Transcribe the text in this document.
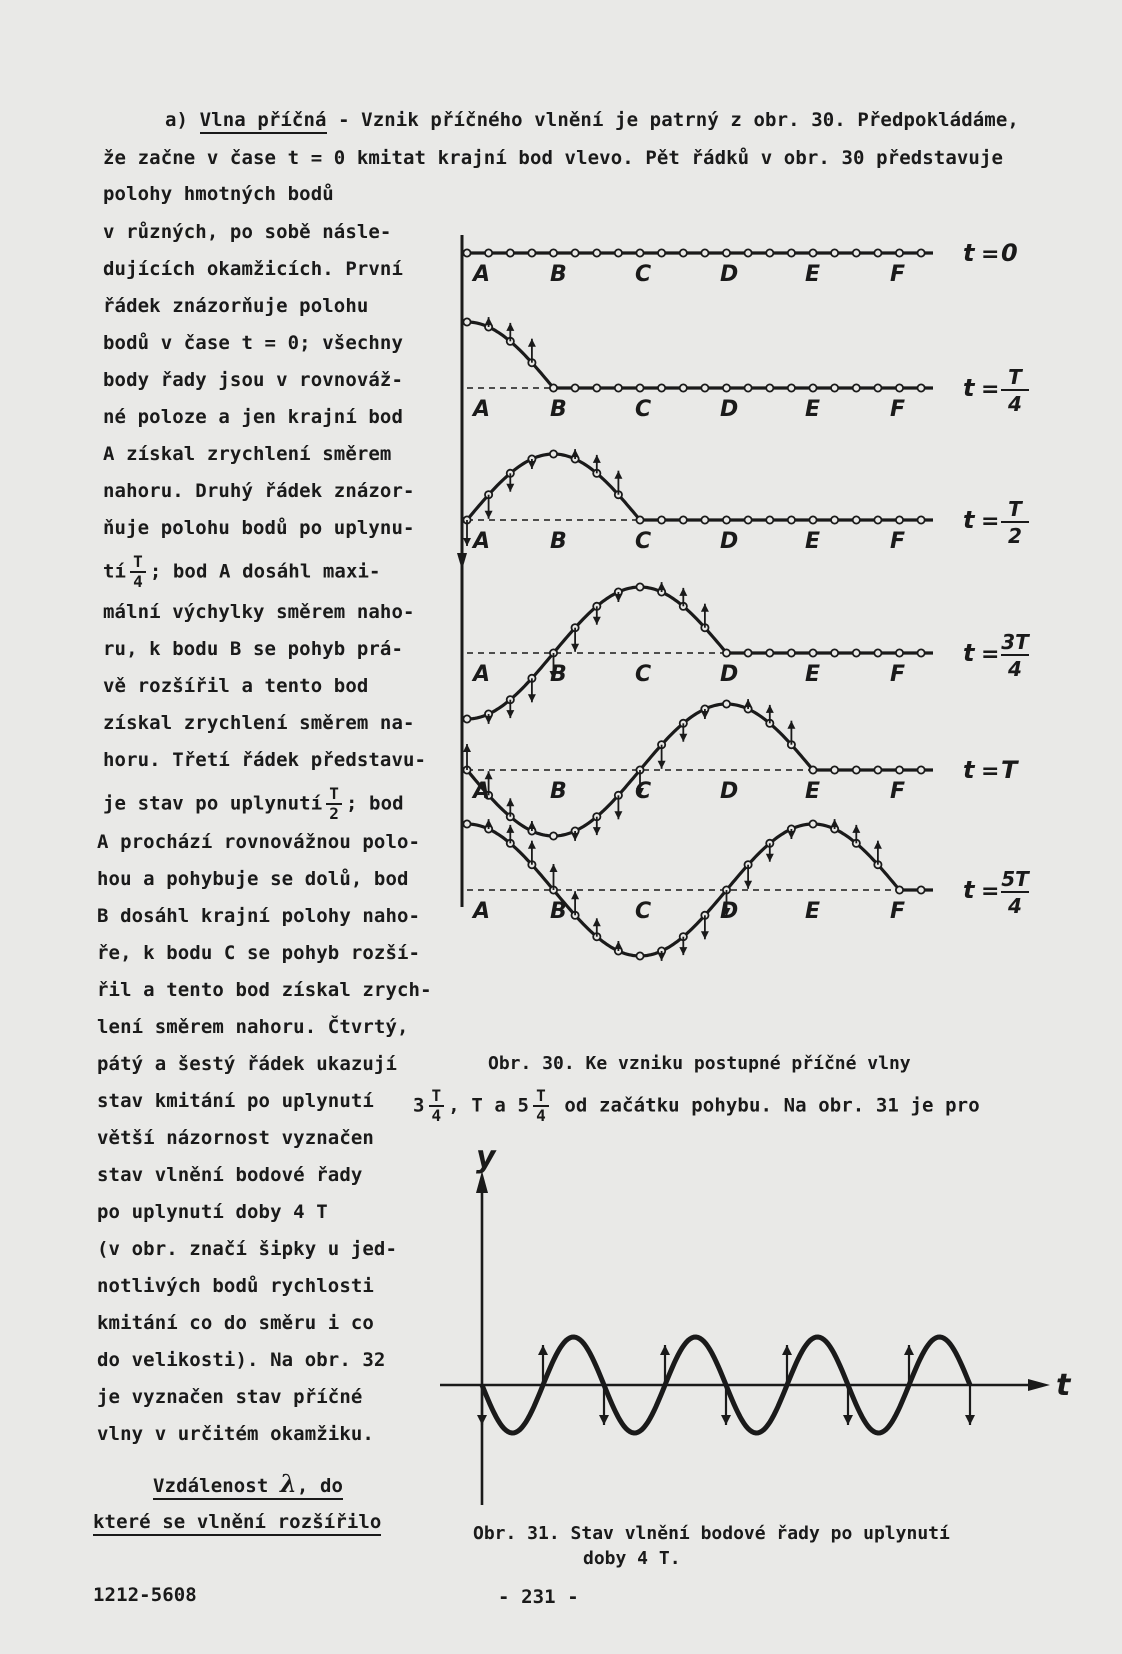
a) Vlna příčná - Vznik příčného vlnění je patrný z obr. 30. Předpokládáme,
že začne v čase t = 0 kmitat krajní bod vlevo. Pět řádků v obr. 30 představuje
polohy hmotných bodů
v různých, po sobě násle-
dujících okamžicích. První
řádek znázorňuje polohu
bodů v čase t = 0; všechny
body řady jsou v rovnováž-
né poloze a jen krajní bod
A získal zrychlení směrem
nahoru. Druhý řádek znázor-
ňuje polohu bodů po uplynu-
tí $\frac{T}{4}$ ; bod A dosáhl maxi-
mální výchylky směrem naho-
ru, k bodu B se pohyb prá-
vě rozšířil a tento bod
získal zrychlení směrem na-
horu. Třetí řádek představu-
je stav po uplynutí $\frac{T}{2}$ ; bod
A prochází rovnovážnou polo-
hou a pohybuje se dolů, bod
B dosáhl krajní polohy naho-
ře, k bodu C se pohyb rozší-
řil a tento bod získal zrych-
lení směrem nahoru. Čtvrtý,
pátý a šestý řádek ukazují
stav kmitání po uplynutí $3 \frac{T}{4}$ , T a $5 \frac{T}{4}$ od začátku pohybu. Na obr. 31 je pro
větší názornost vyznačen
stav vlnění bodové řady
po uplynutí doby 4 T
(v obr. značí šipky u jed-
notlivých bodů rychlosti
kmitání co do směru i co
do velikosti). Na obr. 32
je vyznačen stav příčné
vlny v určitém okamžiku.
Vzdálenost λ, do
které se vlnění rozšířilo
A	B	C	D	E	F
t = 0
A	B	C	D	E	F
t = T
4
A	B	C	D	E	F
t = T
2
A	B	C	D	E	F
t = 3T
4
A	B	C	D	E	F
t = T
A	B	C	D	E	F
t = 5T
4
Obr. 30. Ke vzniku postupné příčné vlny
y
t
Obr. 31. Stav vlnění bodové řady po uplynutí
doby 4 T.
1212-5608	- 231 -
